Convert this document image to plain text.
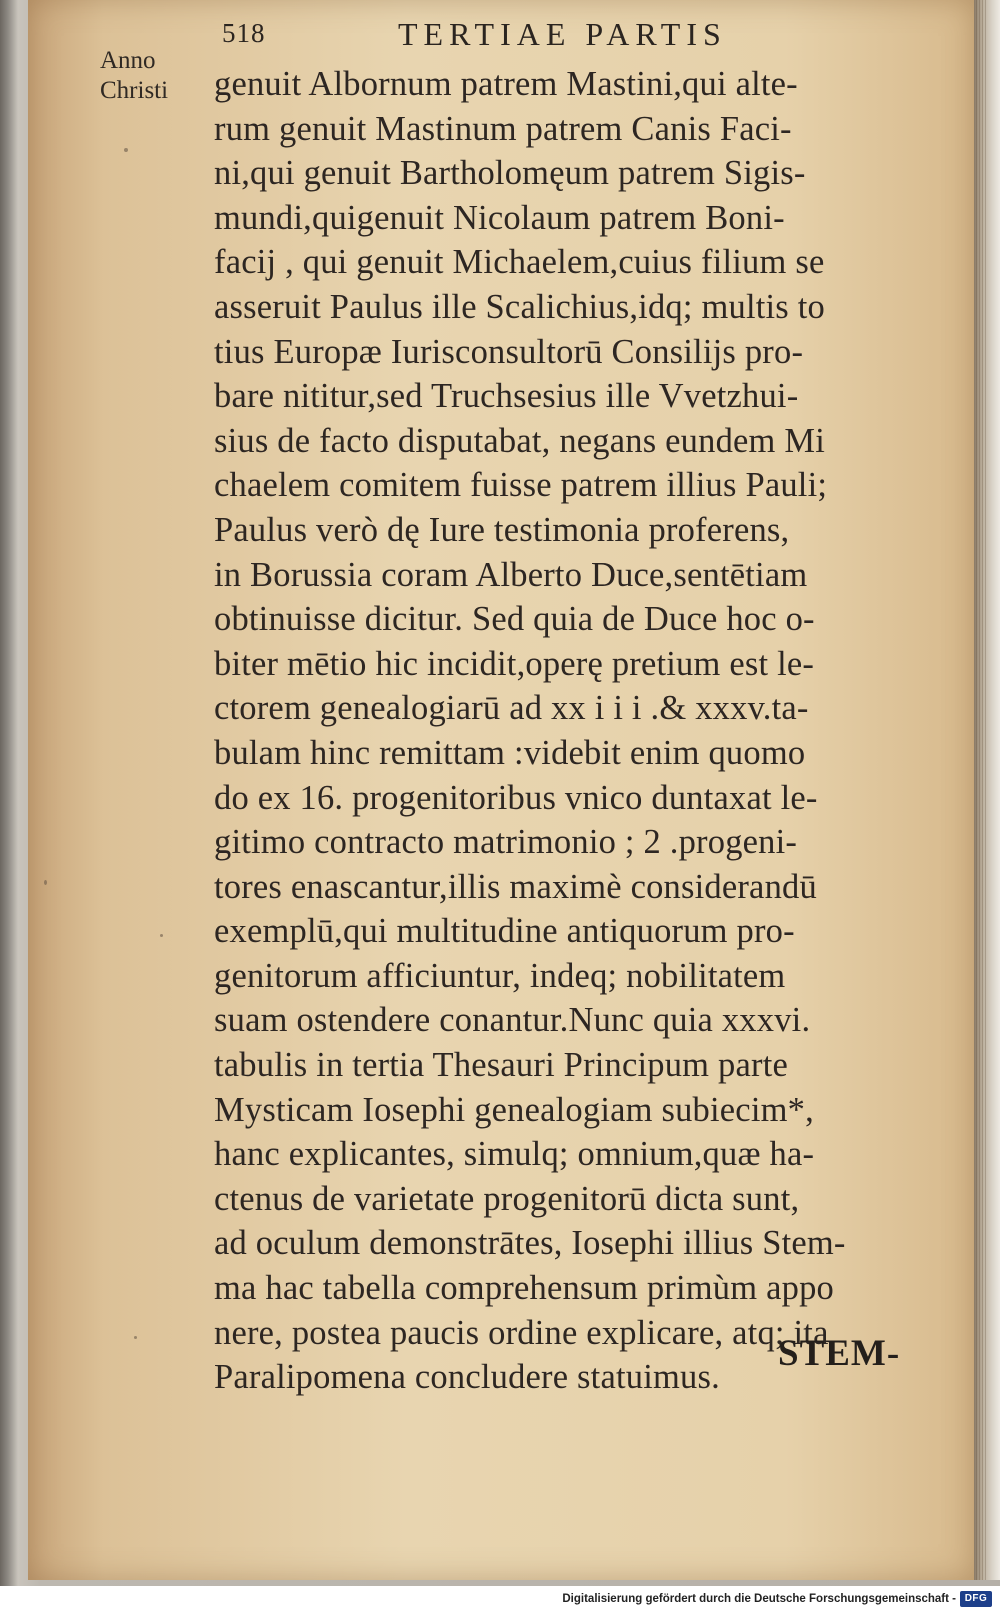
518	TERTIAE PARTIS
Anno
Christi	genuit Albornum patrem Mastini,qui alte-
rum genuit Mastinum patrem Canis Faci-
ni,qui genuit Bartholomęum patrem Sigis-
mundi,quigenuit Nicolaum patrem Boni-
facij , qui genuit Michaelem,cuius filium se
asseruit Paulus ille Scalichius,idq; multis to
tius Europæ Iurisconsultorū Consilijs pro-
bare nititur,sed Truchsesius ille Vvetzhui-
sius de facto disputabat, negans eundem Mi
chaelem comitem fuisse patrem illius Pauli;
Paulus verò dę Iure testimonia proferens,
in Borussia coram Alberto Duce,sentētiam
obtinuisse dicitur. Sed quia de Duce hoc o-
biter mētio hic incidit,operę pretium est le-
ctorem genealogiarū ad xx i i i .& xxxv.ta-
bulam hinc remittam :videbit enim quomo
do ex 16. progenitoribus vnico duntaxat le-
gitimo contracto matrimonio ; 2 .progeni-
tores enascantur,illis maximè considerandū
exemplū,qui multitudine antiquorum pro-
genitorum afficiuntur, indeq; nobilitatem
suam ostendere conantur.Nunc quia xxxvi.
tabulis in tertia Thesauri Principum parte
Mysticam Iosephi genealogiam subiecim*,
hanc explicantes, simulq; omnium,quæ ha-
ctenus de varietate progenitorū dicta sunt,
ad oculum demonstrātes, Iosephi illius Stem-
ma hac tabella comprehensum primùm appo
nere, postea paucis ordine explicare, atq; ita
Paralipomena concludere statuimus.
STEM-
Digitalisierung gefördert durch die Deutsche Forschungsgemeinschaft - DFG
